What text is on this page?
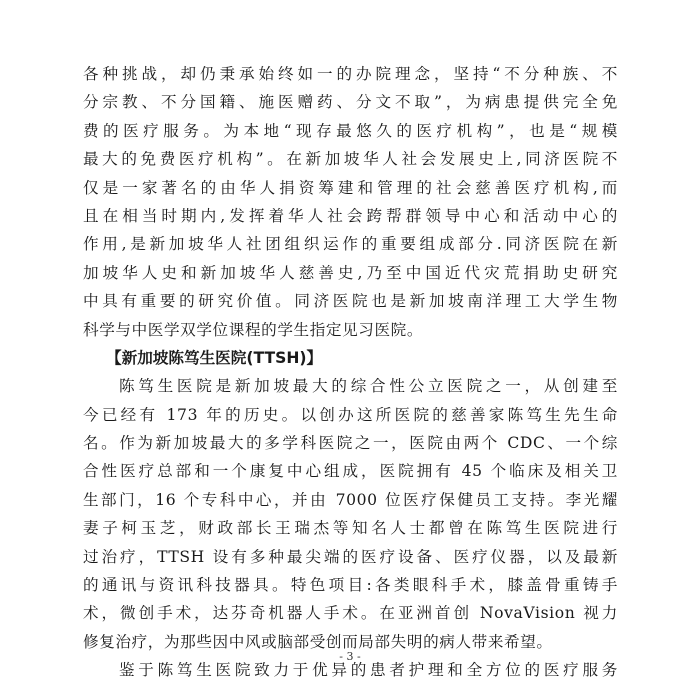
各种挑战，却仍秉承始终如一的办院理念，坚持“不分种族、不
分宗教、不分国籍、施医赠药、分文不取”，为病患提供完全免
费的医疗服务。为本地“现存最悠久的医疗机构”，也是“规模
最大的免费医疗机构”。在新加坡华人社会发展史上,同济医院不
仅是一家著名的由华人捐资筹建和管理的社会慈善医疗机构,而
且在相当时期内,发挥着华人社会跨帮群领导中心和活动中心的
作用,是新加坡华人社团组织运作的重要组成部分.同济医院在新
加坡华人史和新加坡华人慈善史,乃至中国近代灾荒捐助史研究
中具有重要的研究价值。同济医院也是新加坡南洋理工大学生物
科学与中医学双学位课程的学生指定见习医院。
【新加坡陈笃生医院(TTSH)】
陈笃生医院是新加坡最大的综合性公立医院之一，从创建至
今已经有 173 年的历史。以创办这所医院的慈善家陈笃生先生命
名。作为新加坡最大的多学科医院之一，医院由两个 CDC、一个综
合性医疗总部和一个康复中心组成，医院拥有 45 个临床及相关卫
生部门，16 个专科中心，并由 7000 位医疗保健员工支持。李光耀
妻子柯玉芝，财政部长王瑞杰等知名人士都曾在陈笃生医院进行
过治疗，TTSH 设有多种最尖端的医疗设备、医疗仪器，以及最新
的通讯与资讯科技器具。特色项目:各类眼科手术，膝盖骨重铸手
术，微创手术，达芬奇机器人手术。在亚洲首创 NovaVision 视力
修复治疗，为那些因中风或脑部受创而局部失明的病人带来希望。
鉴于陈笃生医院致力于优异的患者护理和全方位的医疗服务
- 3 -
